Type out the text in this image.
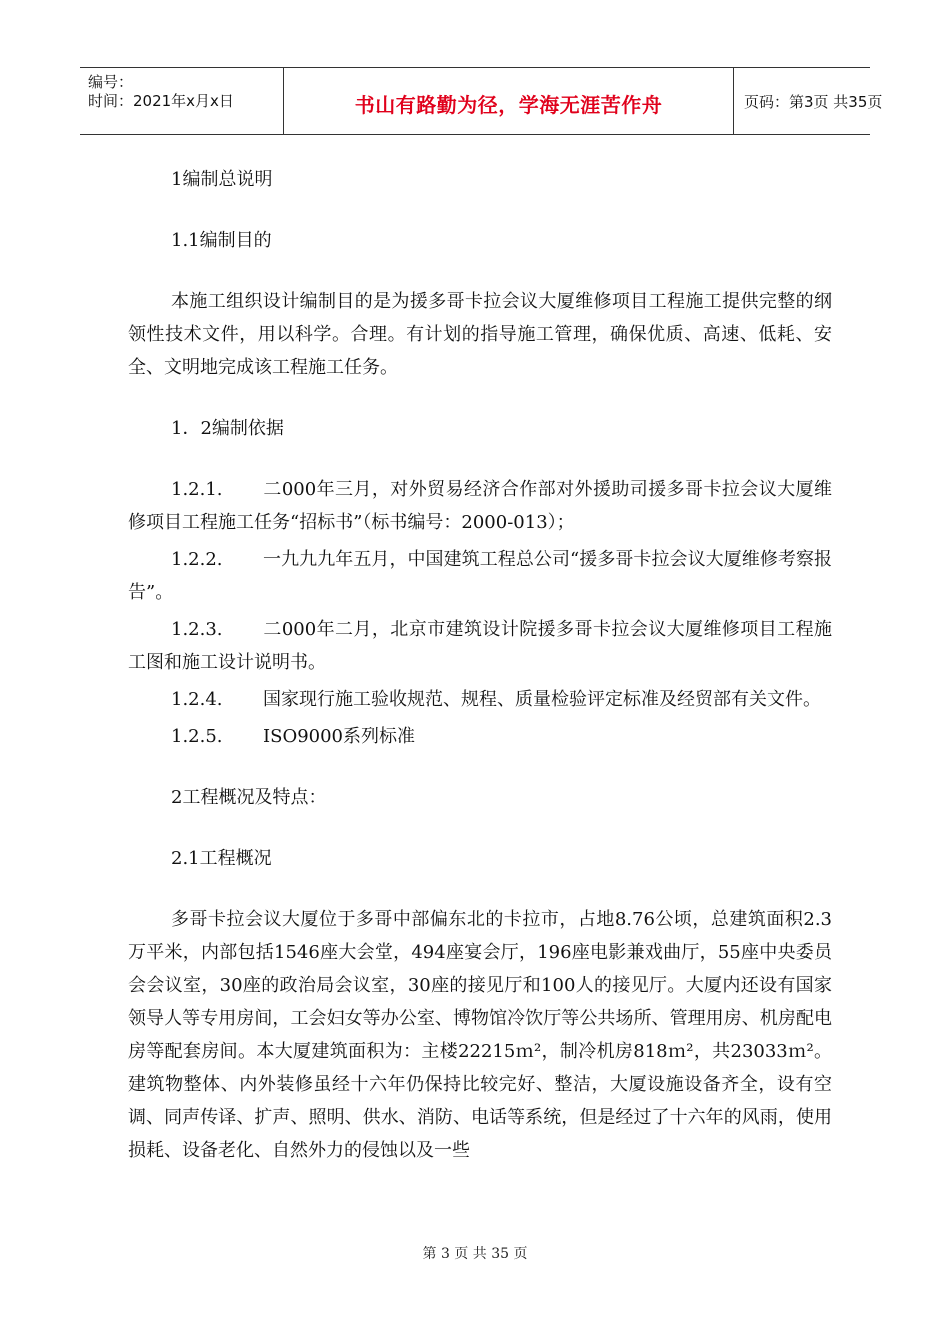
编号：
时间：2021年x月x日	书山有路勤为径，学海无涯苦作舟	页码：第3页 共35页

1编制总说明

1.1编制目的

本施工组织设计编制目的是为援多哥卡拉会议大厦维修项目工程施工提供完整的纲领性技术文件，用以科学。合理。有计划的指导施工管理，确保优质、高速、低耗、安全、文明地完成该工程施工任务。

1．2编制依据

1.2.1. 二000年三月，对外贸易经济合作部对外援助司援多哥卡拉会议大厦维修项目工程施工任务“招标书”（标书编号：2000-013）；

1.2.2. 一九九九年五月，中国建筑工程总公司“援多哥卡拉会议大厦维修考察报告”。

1.2.3. 二000年二月，北京市建筑设计院援多哥卡拉会议大厦维修项目工程施工图和施工设计说明书。

1.2.4. 国家现行施工验收规范、规程、质量检验评定标准及经贸部有关文件。

1.2.5. ISO9000系列标准

2工程概况及特点：

2.1工程概况

多哥卡拉会议大厦位于多哥中部偏东北的卡拉市，占地8.76公顷，总建筑面积2.3万平米，内部包括1546座大会堂，494座宴会厅，196座电影兼戏曲厅，55座中央委员会会议室，30座的政治局会议室，30座的接见厅和100人的接见厅。大厦内还设有国家领导人等专用房间，工会妇女等办公室、博物馆冷饮厅等公共场所、管理用房、机房配电房等配套房间。本大厦建筑面积为：主楼22215ｍ²，制冷机房818ｍ²，共23033ｍ²。建筑物整体、内外装修虽经十六年仍保持比较完好、整洁，大厦设施设备齐全，设有空调、同声传译、扩声、照明、供水、消防、电话等系统，但是经过了十六年的风雨，使用损耗、设备老化、自然外力的侵蚀以及一些

第 3 页 共 35 页
